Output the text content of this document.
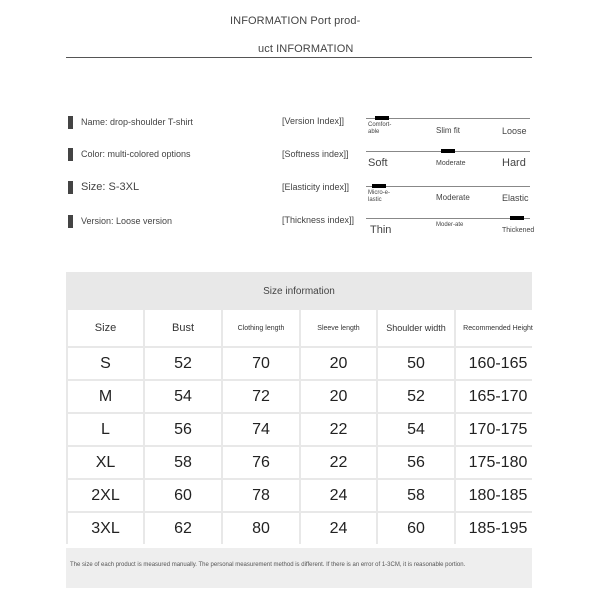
INFORMATION Port prod-
uct INFORMATION
Name: drop-shoulder T-shirt
Color: multi-colored options
Size: S-3XL
Version: Loose version
[Version Index]]
[Softness index]]
[Elasticity index]]
[Thickness index]]
Comfort-able	Slim fit	Loose
Soft	Moderate	Hard
Micro-e-lastic	Moderate	Elastic
Thin	Moder-ate
Thickened
Size information
Size	Bust	Clothing length	Sleeve length	Shoulder width	Recommended Height
S	52	70	20	50	160-165
M	54	72	20	52	165-170
L	56	74	22	54	170-175
XL	58	76	22	56	175-180
2XL	60	78	24	58	180-185
3XL	62	80	24	60	185-195
The size of each product is measured manually. The personal measurement method is different. If there is an error of 1-3CM, it is reasonable portion.
